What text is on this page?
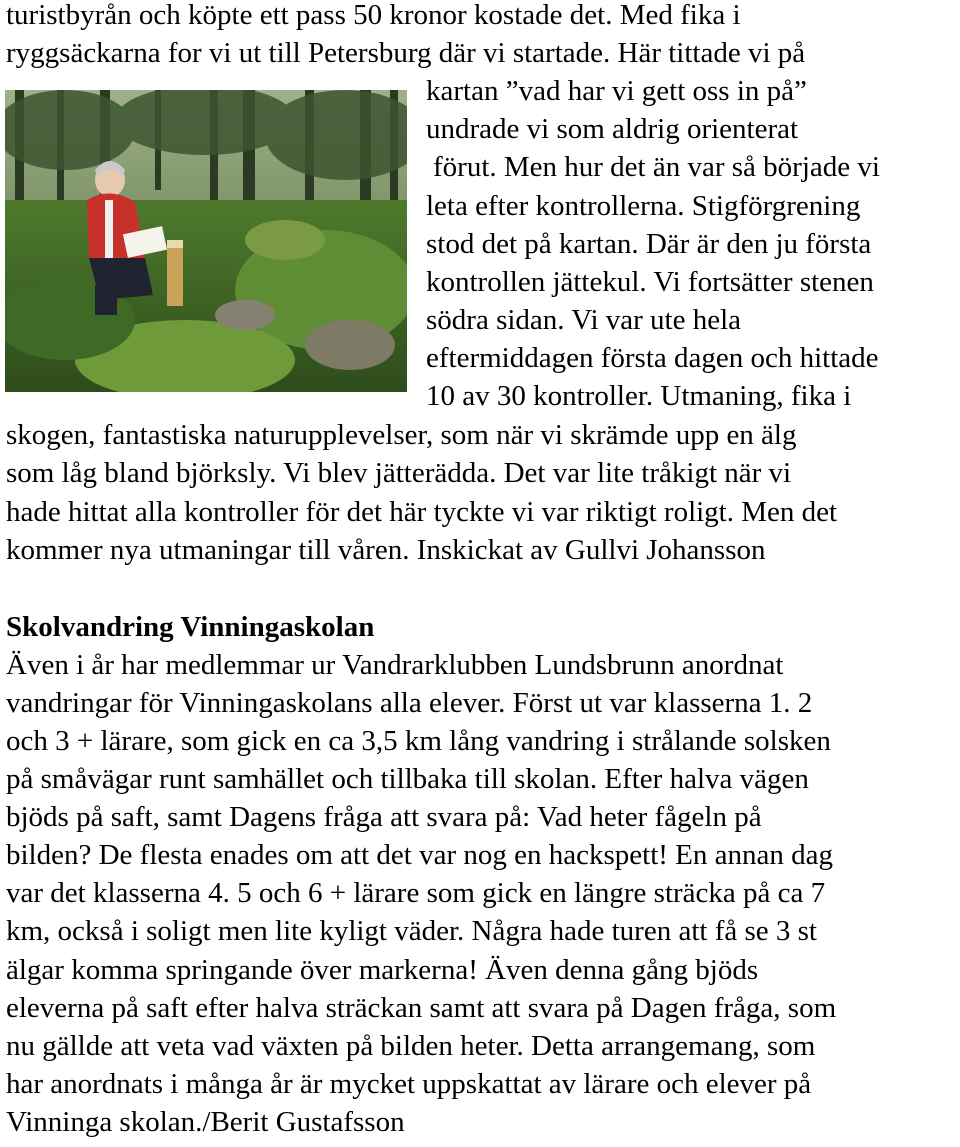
turistbyrån och köpte ett pass 50 kronor kostade det. Med fika i
ryggsäckarna for vi ut till Petersburg där vi startade. Här tittade vi på
kartan ”vad har vi gett oss in på”
undrade vi som aldrig orienterat
förut. Men hur det än var så började vi
leta efter kontrollerna. Stigförgrening
stod det på kartan. Där är den ju första
kontrollen jättekul. Vi fortsätter stenen
södra sidan. Vi var ute hela
eftermiddagen första dagen och hittade
10 av 30 kontroller. Utmaning, fika i
skogen, fantastiska naturupplevelser, som när vi skrämde upp en älg
som låg bland björksly. Vi blev jätterädda. Det var lite tråkigt när vi
hade hittat alla kontroller för det här tyckte vi var riktigt roligt. Men det
kommer nya utmaningar till våren. Inskickat av Gullvi Johansson
Skolvandring Vinningaskolan
Även i år har medlemmar ur Vandrarklubben Lundsbrunn anordnat
vandringar för Vinningaskolans alla elever. Först ut var klasserna 1. 2
och 3 + lärare, som gick en ca 3,5 km lång vandring i strålande solsken
på småvägar runt samhället och tillbaka till skolan. Efter halva vägen
bjöds på saft, samt Dagens fråga att svara på: Vad heter fågeln på
bilden? De flesta enades om att det var nog en hackspett! En annan dag
var det klasserna 4. 5 och 6 + lärare som gick en längre sträcka på ca 7
km, också i soligt men lite kyligt väder. Några hade turen att få se 3 st
älgar komma springande över markerna! Även denna gång bjöds
eleverna på saft efter halva sträckan samt att svara på Dagen fråga, som
nu gällde att veta vad växten på bilden heter. Detta arrangemang, som
har anordnats i många år är mycket uppskattat av lärare och elever på
Vinninga skolan./Berit Gustafsson
